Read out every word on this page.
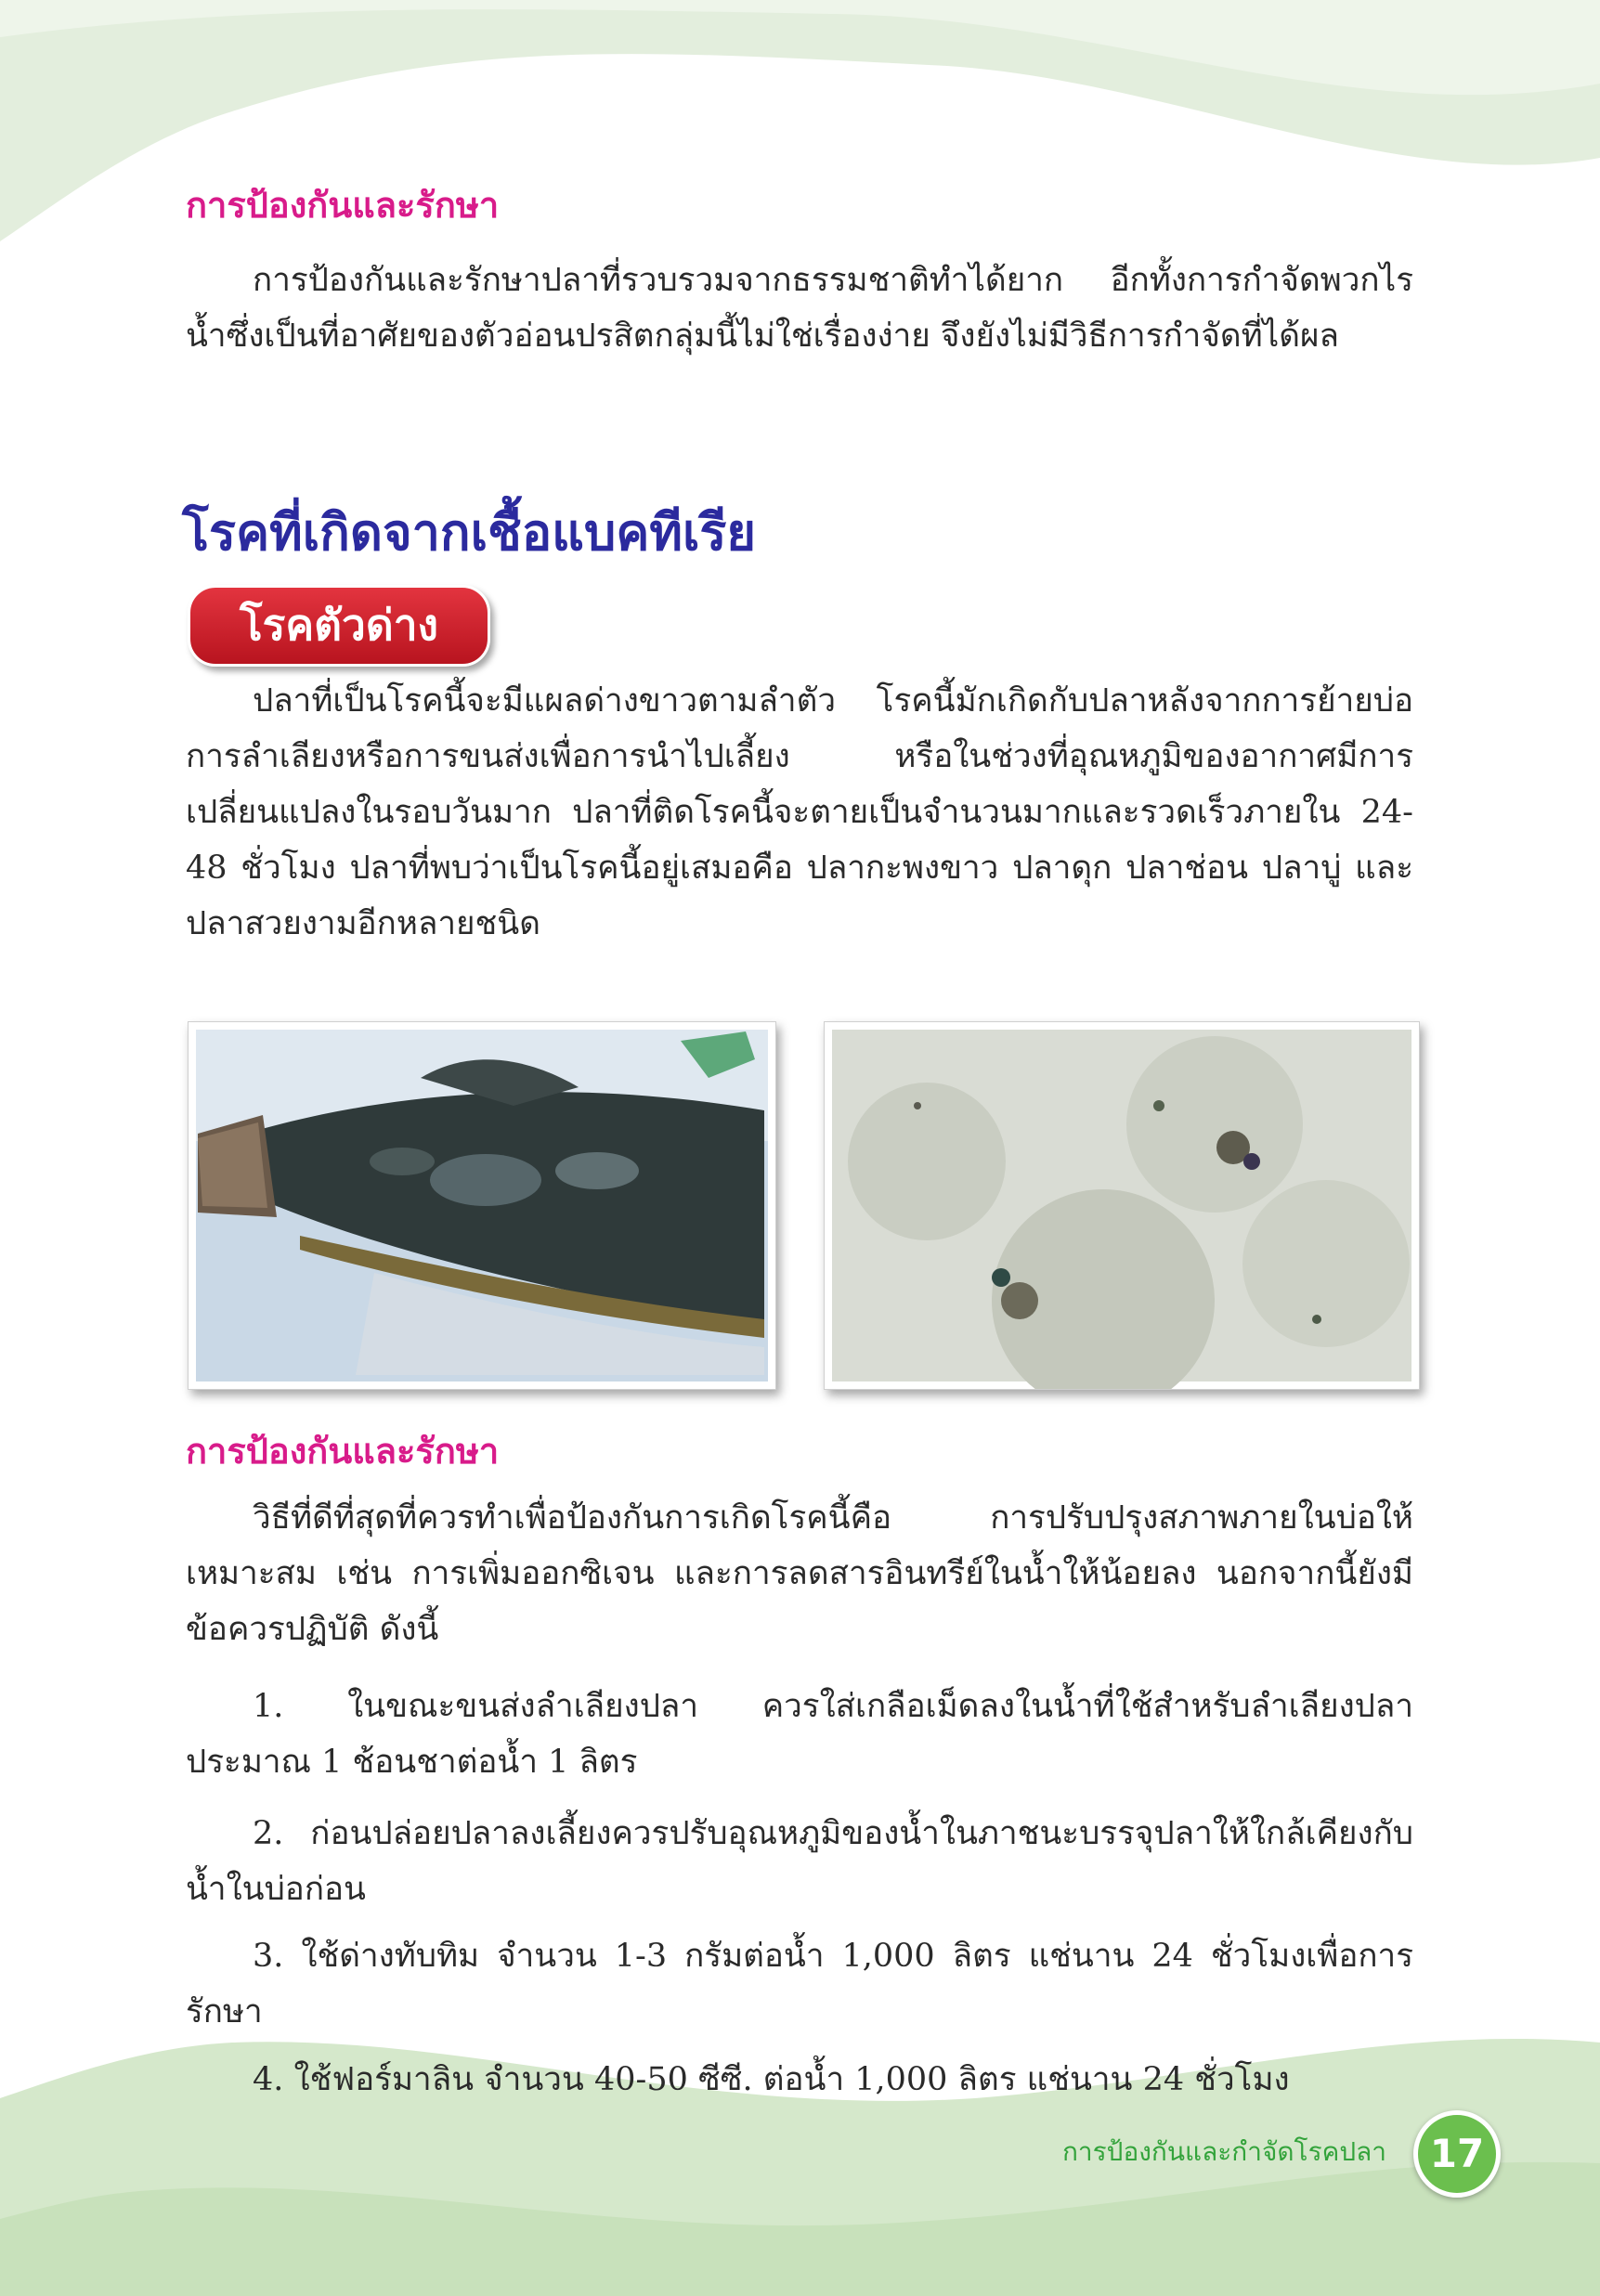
การป้องกันและรักษา

การป้องกันและรักษาปลาที่รวบรวมจากธรรมชาติทำได้ยาก อีกทั้งการกำจัดพวกไรน้ำซึ่งเป็นที่อาศัยของตัวอ่อนปรสิตกลุ่มนี้ไม่ใช่เรื่องง่าย จึงยังไม่มีวิธีการกำจัดที่ได้ผล

โรคที่เกิดจากเชื้อแบคทีเรีย
โรคตัวด่าง

ปลาที่เป็นโรคนี้จะมีแผลด่างขาวตามลำตัว โรคนี้มักเกิดกับปลาหลังจากการย้ายบ่อ การลำเลียงหรือการขนส่งเพื่อการนำไปเลี้ยง หรือในช่วงที่อุณหภูมิของอากาศมีการเปลี่ยนแปลงในรอบวันมาก ปลาที่ติดโรคนี้จะตายเป็นจำนวนมากและรวดเร็วภายใน 24-48 ชั่วโมง ปลาที่พบว่าเป็นโรคนี้อยู่เสมอคือ ปลากะพงขาว ปลาดุก ปลาช่อน ปลาบู่ และปลาสวยงามอีกหลายชนิด

การป้องกันและรักษา

วิธีที่ดีที่สุดที่ควรทำเพื่อป้องกันการเกิดโรคนี้คือ การปรับปรุงสภาพภายในบ่อให้เหมาะสม เช่น การเพิ่มออกซิเจน และการลดสารอินทรีย์ในน้ำให้น้อยลง นอกจากนี้ยังมีข้อควรปฏิบัติ ดังนี้

1. ในขณะขนส่งลำเลียงปลา ควรใส่เกลือเม็ดลงในน้ำที่ใช้สำหรับลำเลียงปลาประมาณ 1 ช้อนชาต่อน้ำ 1 ลิตร

2. ก่อนปล่อยปลาลงเลี้ยงควรปรับอุณหภูมิของน้ำในภาชนะบรรจุปลาให้ใกล้เคียงกับน้ำในบ่อก่อน

3. ใช้ด่างทับทิม จำนวน 1-3 กรัมต่อน้ำ 1,000 ลิตร แช่นาน 24 ชั่วโมงเพื่อการรักษา

4. ใช้ฟอร์มาลิน จำนวน 40-50 ซีซี. ต่อน้ำ 1,000 ลิตร แช่นาน 24 ชั่วโมง

การป้องกันและกำจัดโรคปลา	17
